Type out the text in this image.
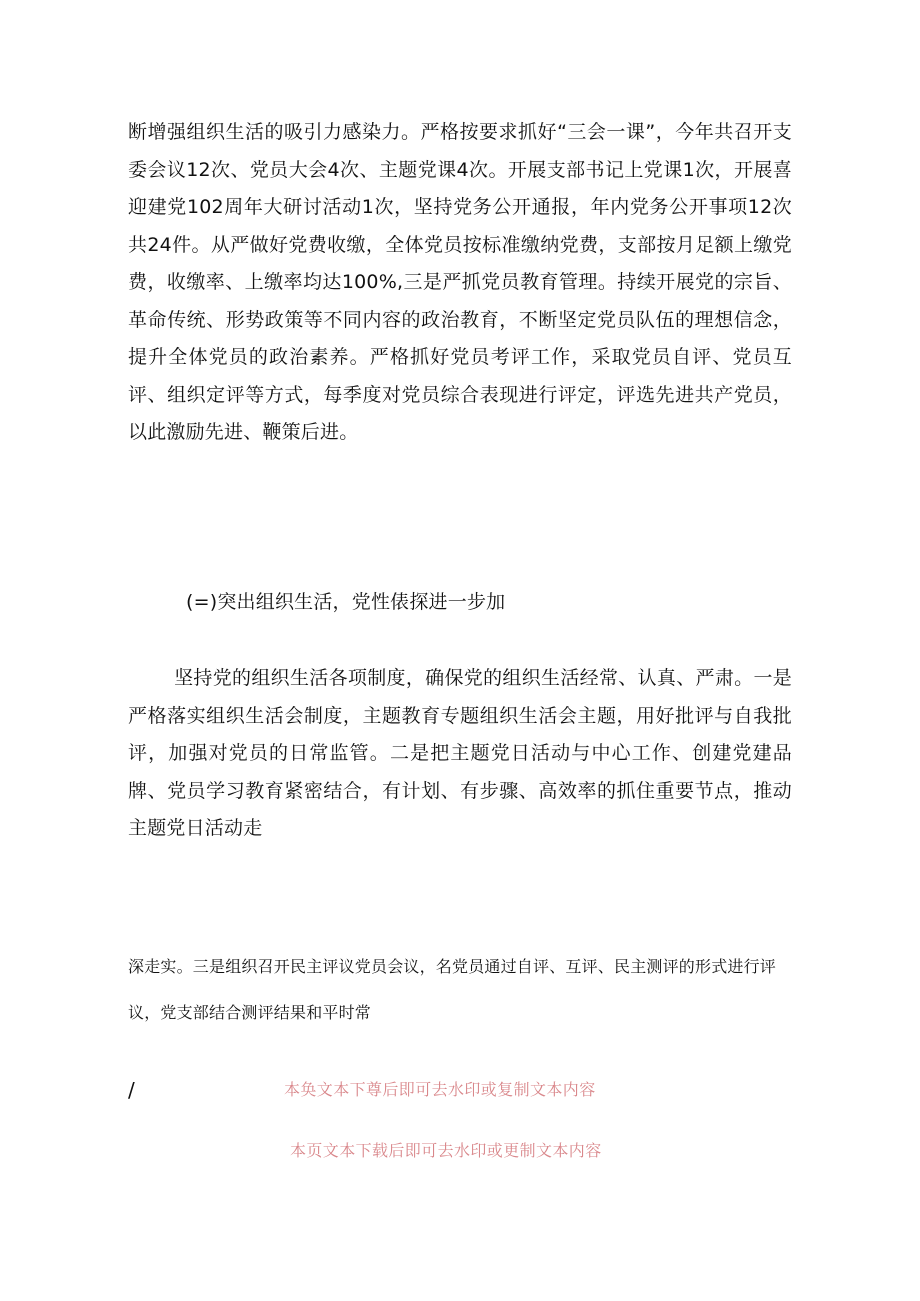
断增强组织生活的吸引力感染力。严格按要求抓好“三会一课”，今年共召开支委会议12次、党员大会4次、主题党课4次。开展支部书记上党课1次，开展喜迎建党102周年大研讨活动1次，坚持党务公开通报，年内党务公开事项12次共24件。从严做好党费收缴，全体党员按标准缴纳党费，支部按月足额上缴党费，收缴率、上缴率均达100%,三是严抓党员教育管理。持续开展党的宗旨、革命传统、形势政策等不同内容的政治教育，不断坚定党员队伍的理想信念，提升全体党员的政治素养。严格抓好党员考评工作，采取党员自评、党员互评、组织定评等方式，每季度对党员综合表现进行评定，评选先进共产党员，以此激励先进、鞭策后进。

(=)突出组织生活，党性俵探进一步加

坚持党的组织生活各项制度，确保党的组织生活经常、认真、严肃。一是严格落实组织生活会制度，主题教育专题组织生活会主题，用好批评与自我批评，加强对党员的日常监管。二是把主题党日活动与中心工作、创建党建品牌、党员学习教育紧密结合，有计划、有步骤、高效率的抓住重要节点，推动主题党日活动走

深走实。三是组织召开民主评议党员会议，名党员通过自评、互评、民主测评的形式进行评议，党支部结合测评结果和平时常

/	本奂文本下尊后即可去水印或复制文本内容
本页文本下载后即可去水印或更制文本内容
